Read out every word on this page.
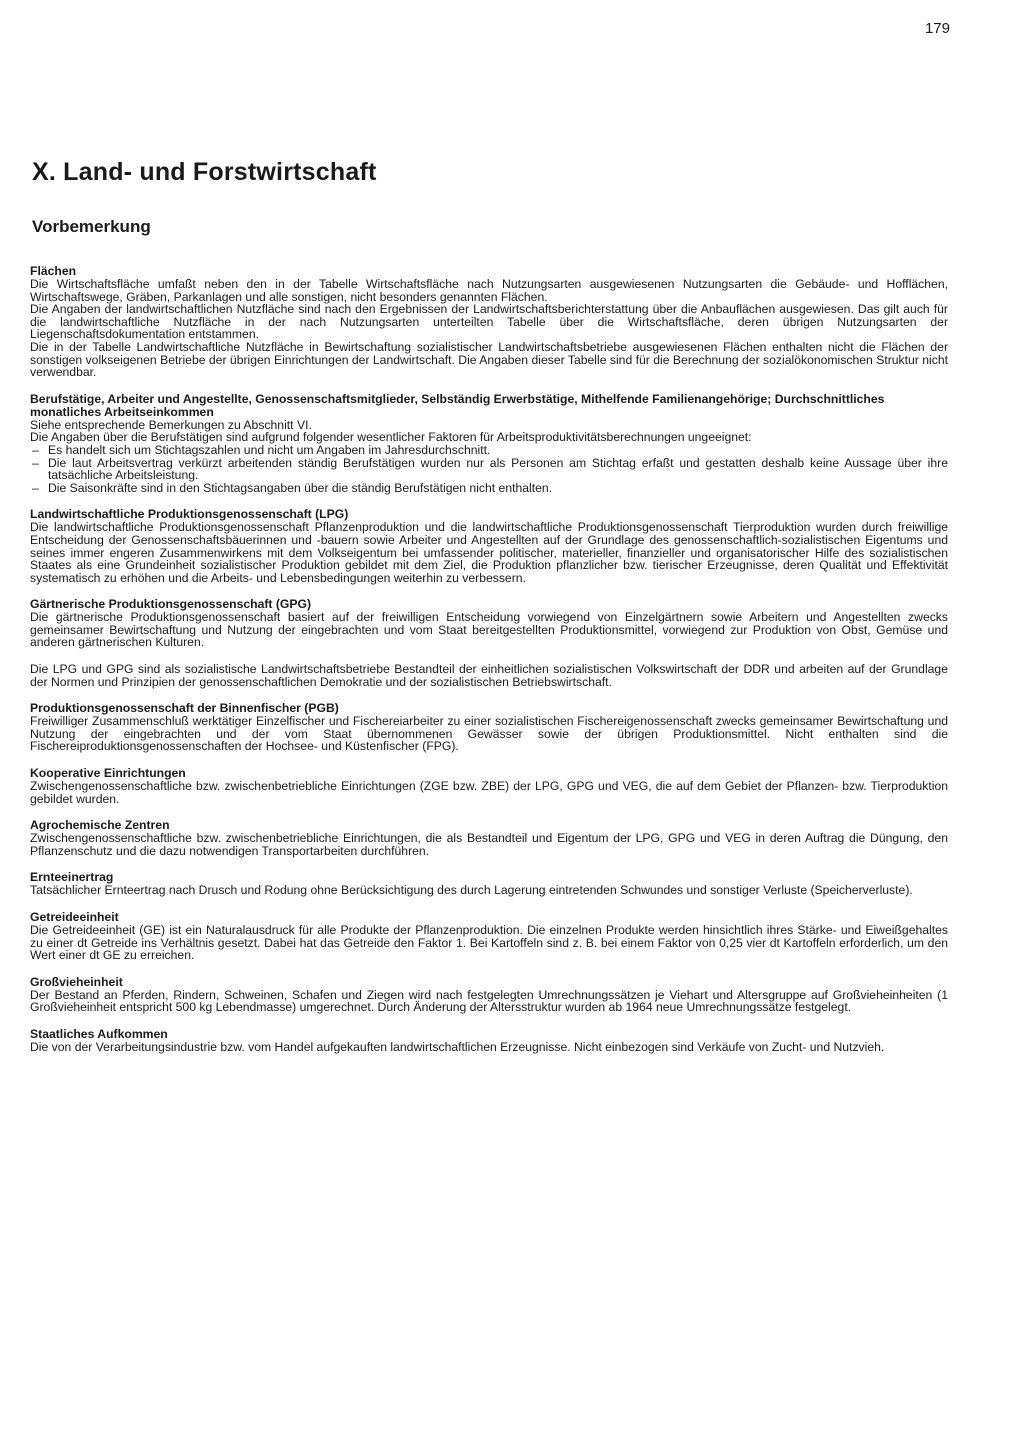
179
X. Land- und Forstwirtschaft
Vorbemerkung

Flächen

Die Wirtschaftsfläche umfaßt neben den in der Tabelle Wirtschaftsfläche nach Nutzungsarten ausgewiesenen Nutzungsarten die Gebäude- und Hofflächen, Wirtschaftswege, Gräben, Parkanlagen und alle sonstigen, nicht besonders genannten Flächen.

Die Angaben der landwirtschaftlichen Nutzfläche sind nach den Ergebnissen der Landwirtschaftsberichterstattung über die Anbauflächen ausgewiesen. Das gilt auch für die landwirtschaftliche Nutzfläche in der nach Nutzungsarten unterteilten Tabelle über die Wirtschaftsfläche, deren übrigen Nutzungsarten der Liegenschaftsdokumentation entstammen.

Die in der Tabelle Landwirtschaftliche Nutzfläche in Bewirtschaftung sozialistischer Landwirtschaftsbetriebe ausgewiesenen Flächen enthalten nicht die Flächen der sonstigen volkseigenen Betriebe der übrigen Einrichtungen der Landwirtschaft. Die Angaben dieser Tabelle sind für die Berechnung der sozialökonomischen Struktur nicht verwendbar.

Berufstätige, Arbeiter und Angestellte, Genossenschaftsmitglieder, Selbständig Erwerbstätige, Mithelfende Familienangehörige; Durchschnittliches monatliches Arbeitseinkommen

Siehe entsprechende Bemerkungen zu Abschnitt VI.

Die Angaben über die Berufstätigen sind aufgrund folgender wesentlicher Faktoren für Arbeitsproduktivitätsberechnungen ungeeignet:

– Es handelt sich um Stichtagszahlen und nicht um Angaben im Jahresdurchschnitt.
– Die laut Arbeitsvertrag verkürzt arbeitenden ständig Berufstätigen wurden nur als Personen am Stichtag erfaßt und gestatten deshalb keine Aussage über ihre tatsächliche Arbeitsleistung.
– Die Saisonkräfte sind in den Stichtagsangaben über die ständig Berufstätigen nicht enthalten.

Landwirtschaftliche Produktionsgenossenschaft (LPG)

Die landwirtschaftliche Produktionsgenossenschaft Pflanzenproduktion und die landwirtschaftliche Produktionsgenossenschaft Tierproduktion wurden durch freiwillige Entscheidung der Genossenschaftsbäuerinnen und -bauern sowie Arbeiter und Angestellten auf der Grundlage des genossenschaftlich-sozialistischen Eigentums und seines immer engeren Zusammenwirkens mit dem Volkseigentum bei umfassender politischer, materieller, finanzieller und organisatorischer Hilfe des sozialistischen Staates als eine Grundeinheit sozialistischer Produktion gebildet mit dem Ziel, die Produktion pflanzlicher bzw. tierischer Erzeugnisse, deren Qualität und Effektivität systematisch zu erhöhen und die Arbeits- und Lebensbedingungen weiterhin zu verbessern.

Gärtnerische Produktionsgenossenschaft (GPG)

Die gärtnerische Produktionsgenossenschaft basiert auf der freiwilligen Entscheidung vorwiegend von Einzelgärtnern sowie Arbeitern und Angestellten zwecks gemeinsamer Bewirtschaftung und Nutzung der eingebrachten und vom Staat bereitgestellten Produktionsmittel, vorwiegend zur Produktion von Obst, Gemüse und anderen gärtnerischen Kulturen.

Die LPG und GPG sind als sozialistische Landwirtschaftsbetriebe Bestandteil der einheitlichen sozialistischen Volkswirtschaft der DDR und arbeiten auf der Grundlage der Normen und Prinzipien der genossenschaftlichen Demokratie und der sozialistischen Betriebswirtschaft.

Produktionsgenossenschaft der Binnenfischer (PGB)

Freiwilliger Zusammenschluß werktätiger Einzelfischer und Fischereiarbeiter zu einer sozialistischen Fischereigenossenschaft zwecks gemeinsamer Bewirtschaftung und Nutzung der eingebrachten und der vom Staat übernommenen Gewässer sowie der übrigen Produktionsmittel. Nicht enthalten sind die Fischereiproduktionsgenossenschaften der Hochsee- und Küstenfischer (FPG).

Kooperative Einrichtungen

Zwischengenossenschaftliche bzw. zwischenbetriebliche Einrichtungen (ZGE bzw. ZBE) der LPG, GPG und VEG, die auf dem Gebiet der Pflanzen- bzw. Tierproduktion gebildet wurden.

Agrochemische Zentren

Zwischengenossenschaftliche bzw. zwischenbetriebliche Einrichtungen, die als Bestandteil und Eigentum der LPG, GPG und VEG in deren Auftrag die Düngung, den Pflanzenschutz und die dazu notwendigen Transportarbeiten durchführen.

Ernteeinertrag

Tatsächlicher Ernteertrag nach Drusch und Rodung ohne Berücksichtigung des durch Lagerung eintretenden Schwundes und sonstiger Verluste (Speicherverluste).

Getreideeinheit

Die Getreideeinheit (GE) ist ein Naturalausdruck für alle Produkte der Pflanzenproduktion. Die einzelnen Produkte werden hinsichtlich ihres Stärke- und Eiweißgehaltes zu einer dt Getreide ins Verhältnis gesetzt. Dabei hat das Getreide den Faktor 1. Bei Kartoffeln sind z. B. bei einem Faktor von 0,25 vier dt Kartoffeln erforderlich, um den Wert einer dt GE zu erreichen.

Großvieheinheit

Der Bestand an Pferden, Rindern, Schweinen, Schafen und Ziegen wird nach festgelegten Umrechnungssätzen je Viehart und Altersgruppe auf Großvieheinheiten (1 Großvieheinheit entspricht 500 kg Lebendmasse) umgerechnet. Durch Änderung der Altersstruktur wurden ab 1964 neue Umrechnungssätze festgelegt.

Staatliches Aufkommen

Die von der Verarbeitungsindustrie bzw. vom Handel aufgekauften landwirtschaftlichen Erzeugnisse. Nicht einbezogen sind Verkäufe von Zucht- und Nutzvieh.
